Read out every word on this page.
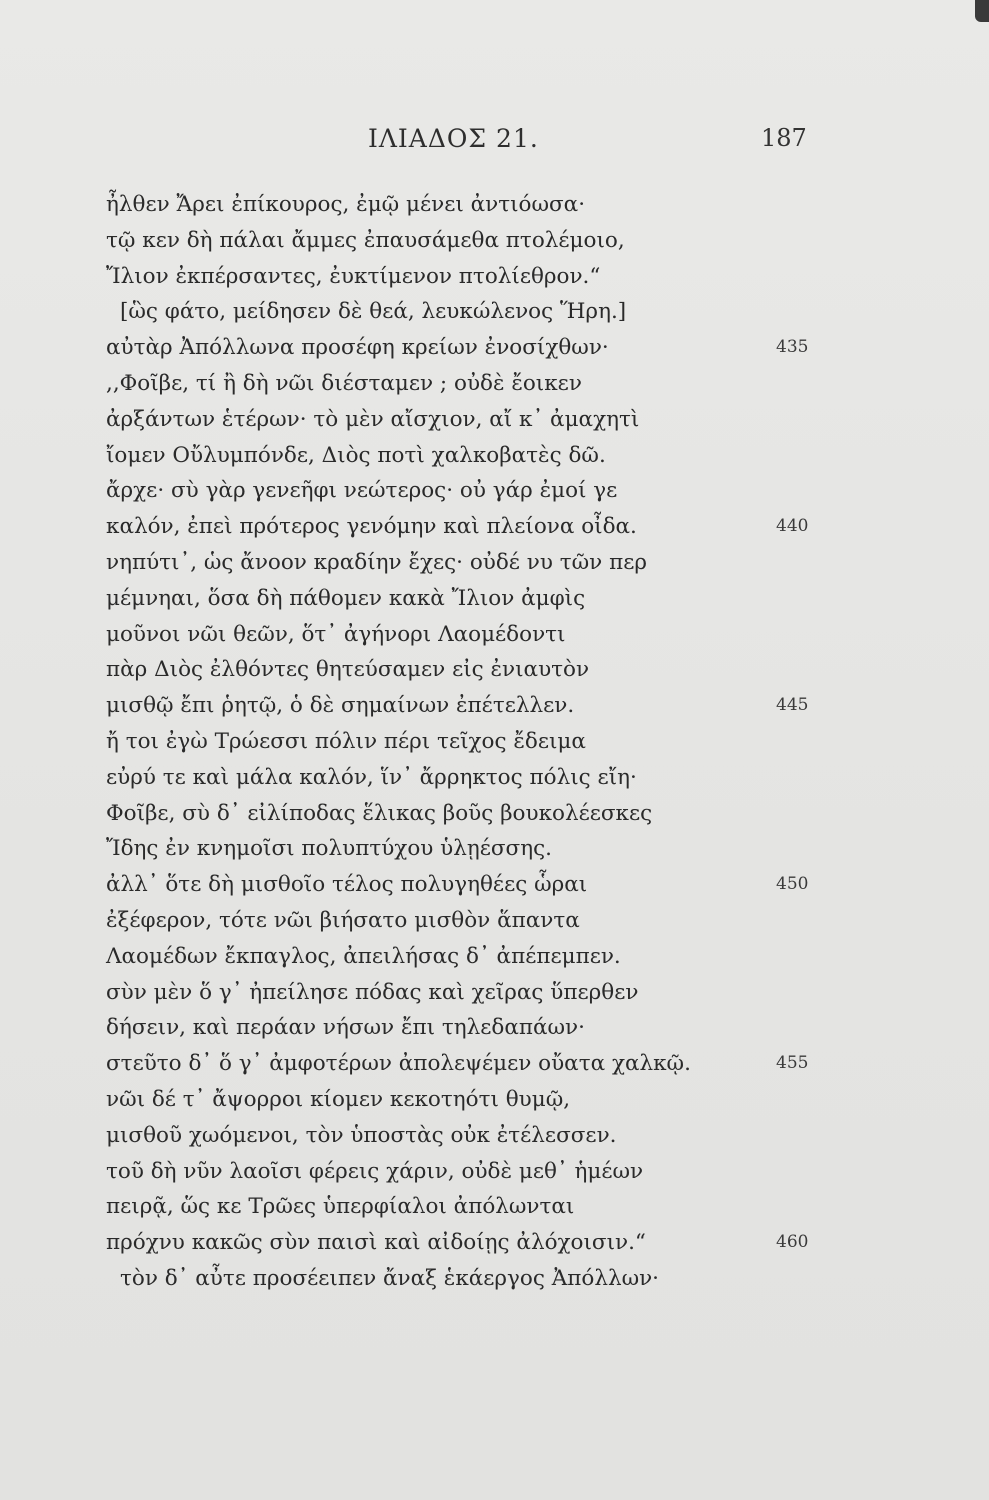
ΙΛΙΑΔΟΣ 21.	187
ἦλθεν Ἄρει ἐπίκουρος, ἐμῷ μένει ἀντιόωσα·
τῷ κεν δὴ πάλαι ἄμμες ἐπαυσάμεθα πτολέμοιο,
Ἴλιον ἐκπέρσαντες, ἐυκτίμενον πτολίεθρον.“
[ὣς φάτο, μείδησεν δὲ θεά, λευκώλενος Ἥρη.]
αὐτὰρ Ἀπόλλωνα προσέφη κρείων ἐνοσίχθων·	435
,,Φοῖβε, τί ἢ δὴ νῶι διέσταμεν ; οὐδὲ ἔοικεν
ἀρξάντων ἑτέρων· τὸ μὲν αἴσχιον, αἴ κ᾽ ἀμαχητὶ
ἴομεν Οὔλυμπόνδε, Διὸς ποτὶ χαλκοβατὲς δῶ.
ἄρχε· σὺ γὰρ γενεῆφι νεώτερος· οὐ γάρ ἐμοί γε
καλόν, ἐπεὶ πρότερος γενόμην καὶ πλείονα οἶδα.	440
νηπύτι᾽, ὡς ἄνοον κραδίην ἔχες· οὐδέ νυ τῶν περ
μέμνηαι, ὅσα δὴ πάθομεν κακὰ Ἴλιον ἀμφὶς
μοῦνοι νῶι θεῶν, ὅτ᾽ ἀγήνορι Λαομέδοντι
πὰρ Διὸς ἐλθόντες θητεύσαμεν εἰς ἐνιαυτὸν
μισθῷ ἔπι ῥητῷ, ὁ δὲ σημαίνων ἐπέτελλεν.	445
ἤ τοι ἐγὼ Τρώεσσι πόλιν πέρι τεῖχος ἔδειμα
εὐρύ τε καὶ μάλα καλόν, ἵν᾽ ἄρρηκτος πόλις εἴη·
Φοῖβε, σὺ δ᾽ εἰλίποδας ἕλικας βοῦς βουκολέεσκες
Ἴδης ἐν κνημοῖσι πολυπτύχου ὑλῃέσσης.
ἀλλ᾽ ὅτε δὴ μισθοῖο τέλος πολυγηθέες ὧραι	450
ἐξέφερον, τότε νῶι βιήσατο μισθὸν ἅπαντα
Λαομέδων ἔκπαγλος, ἀπειλήσας δ᾽ ἀπέπεμπεν.
σὺν μὲν ὅ γ᾽ ἠπείλησε πόδας καὶ χεῖρας ὕπερθεν
δήσειν, καὶ περάαν νήσων ἔπι τηλεδαπάων·
στεῦτο δ᾽ ὅ γ᾽ ἀμφοτέρων ἀπολεψέμεν οὔατα χαλκῷ.	455
νῶι δέ τ᾽ ἄψορροι κίομεν κεκοτηότι θυμῷ,
μισθοῦ χωόμενοι, τὸν ὑποστὰς οὐκ ἐτέλεσσεν.
τοῦ δὴ νῦν λαοῖσι φέρεις χάριν, οὐδὲ μεθ᾽ ἡμέων
πειρᾷ, ὥς κε Τρῶες ὑπερφίαλοι ἀπόλωνται
πρόχνυ κακῶς σὺν παισὶ καὶ αἰδοίῃς ἀλόχοισιν.“	460
τὸν δ᾽ αὖτε προσέειπεν ἄναξ ἑκάεργος Ἀπόλλων·
